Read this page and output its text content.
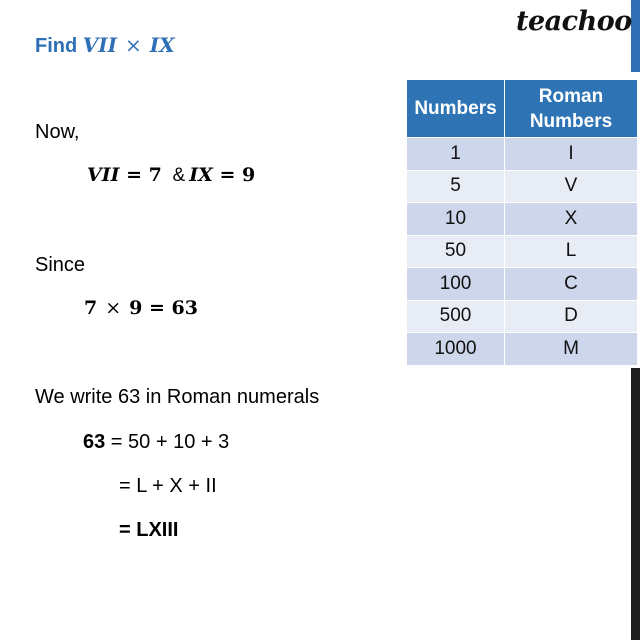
teachoo
Find VII × IX
Now,
VII = 7 & IX = 9
Since
7 × 9 = 63
We write 63 in Roman numerals
63 = 50 + 10 + 3
= L + X + II
= LXIII
Numbers	Roman Numbers
1	I
5	V
10	X
50	L
100	C
500	D
1000	M
